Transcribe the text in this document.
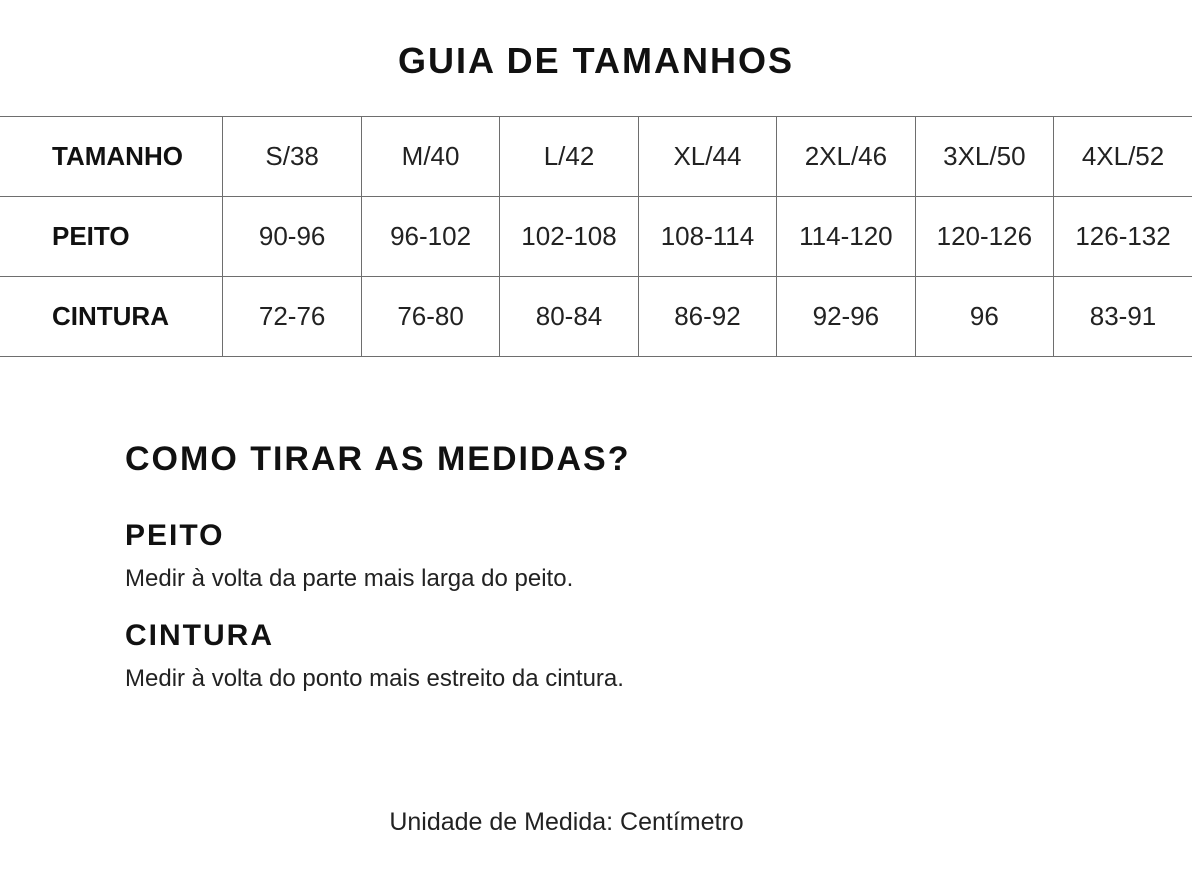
GUIA DE TAMANHOS
TAMANHO	S/38	M/40	L/42	XL/44	2XL/46	3XL/50	4XL/52
PEITO	90-96	96-102	102-108	108-114	114-120	120-126	126-132
CINTURA	72-76	76-80	80-84	86-92	92-96	96	83-91
COMO TIRAR AS MEDIDAS?
PEITO

Medir à volta da parte mais larga do peito.

CINTURA

Medir à volta do ponto mais estreito da cintura.

Unidade de Medida: Centímetro
